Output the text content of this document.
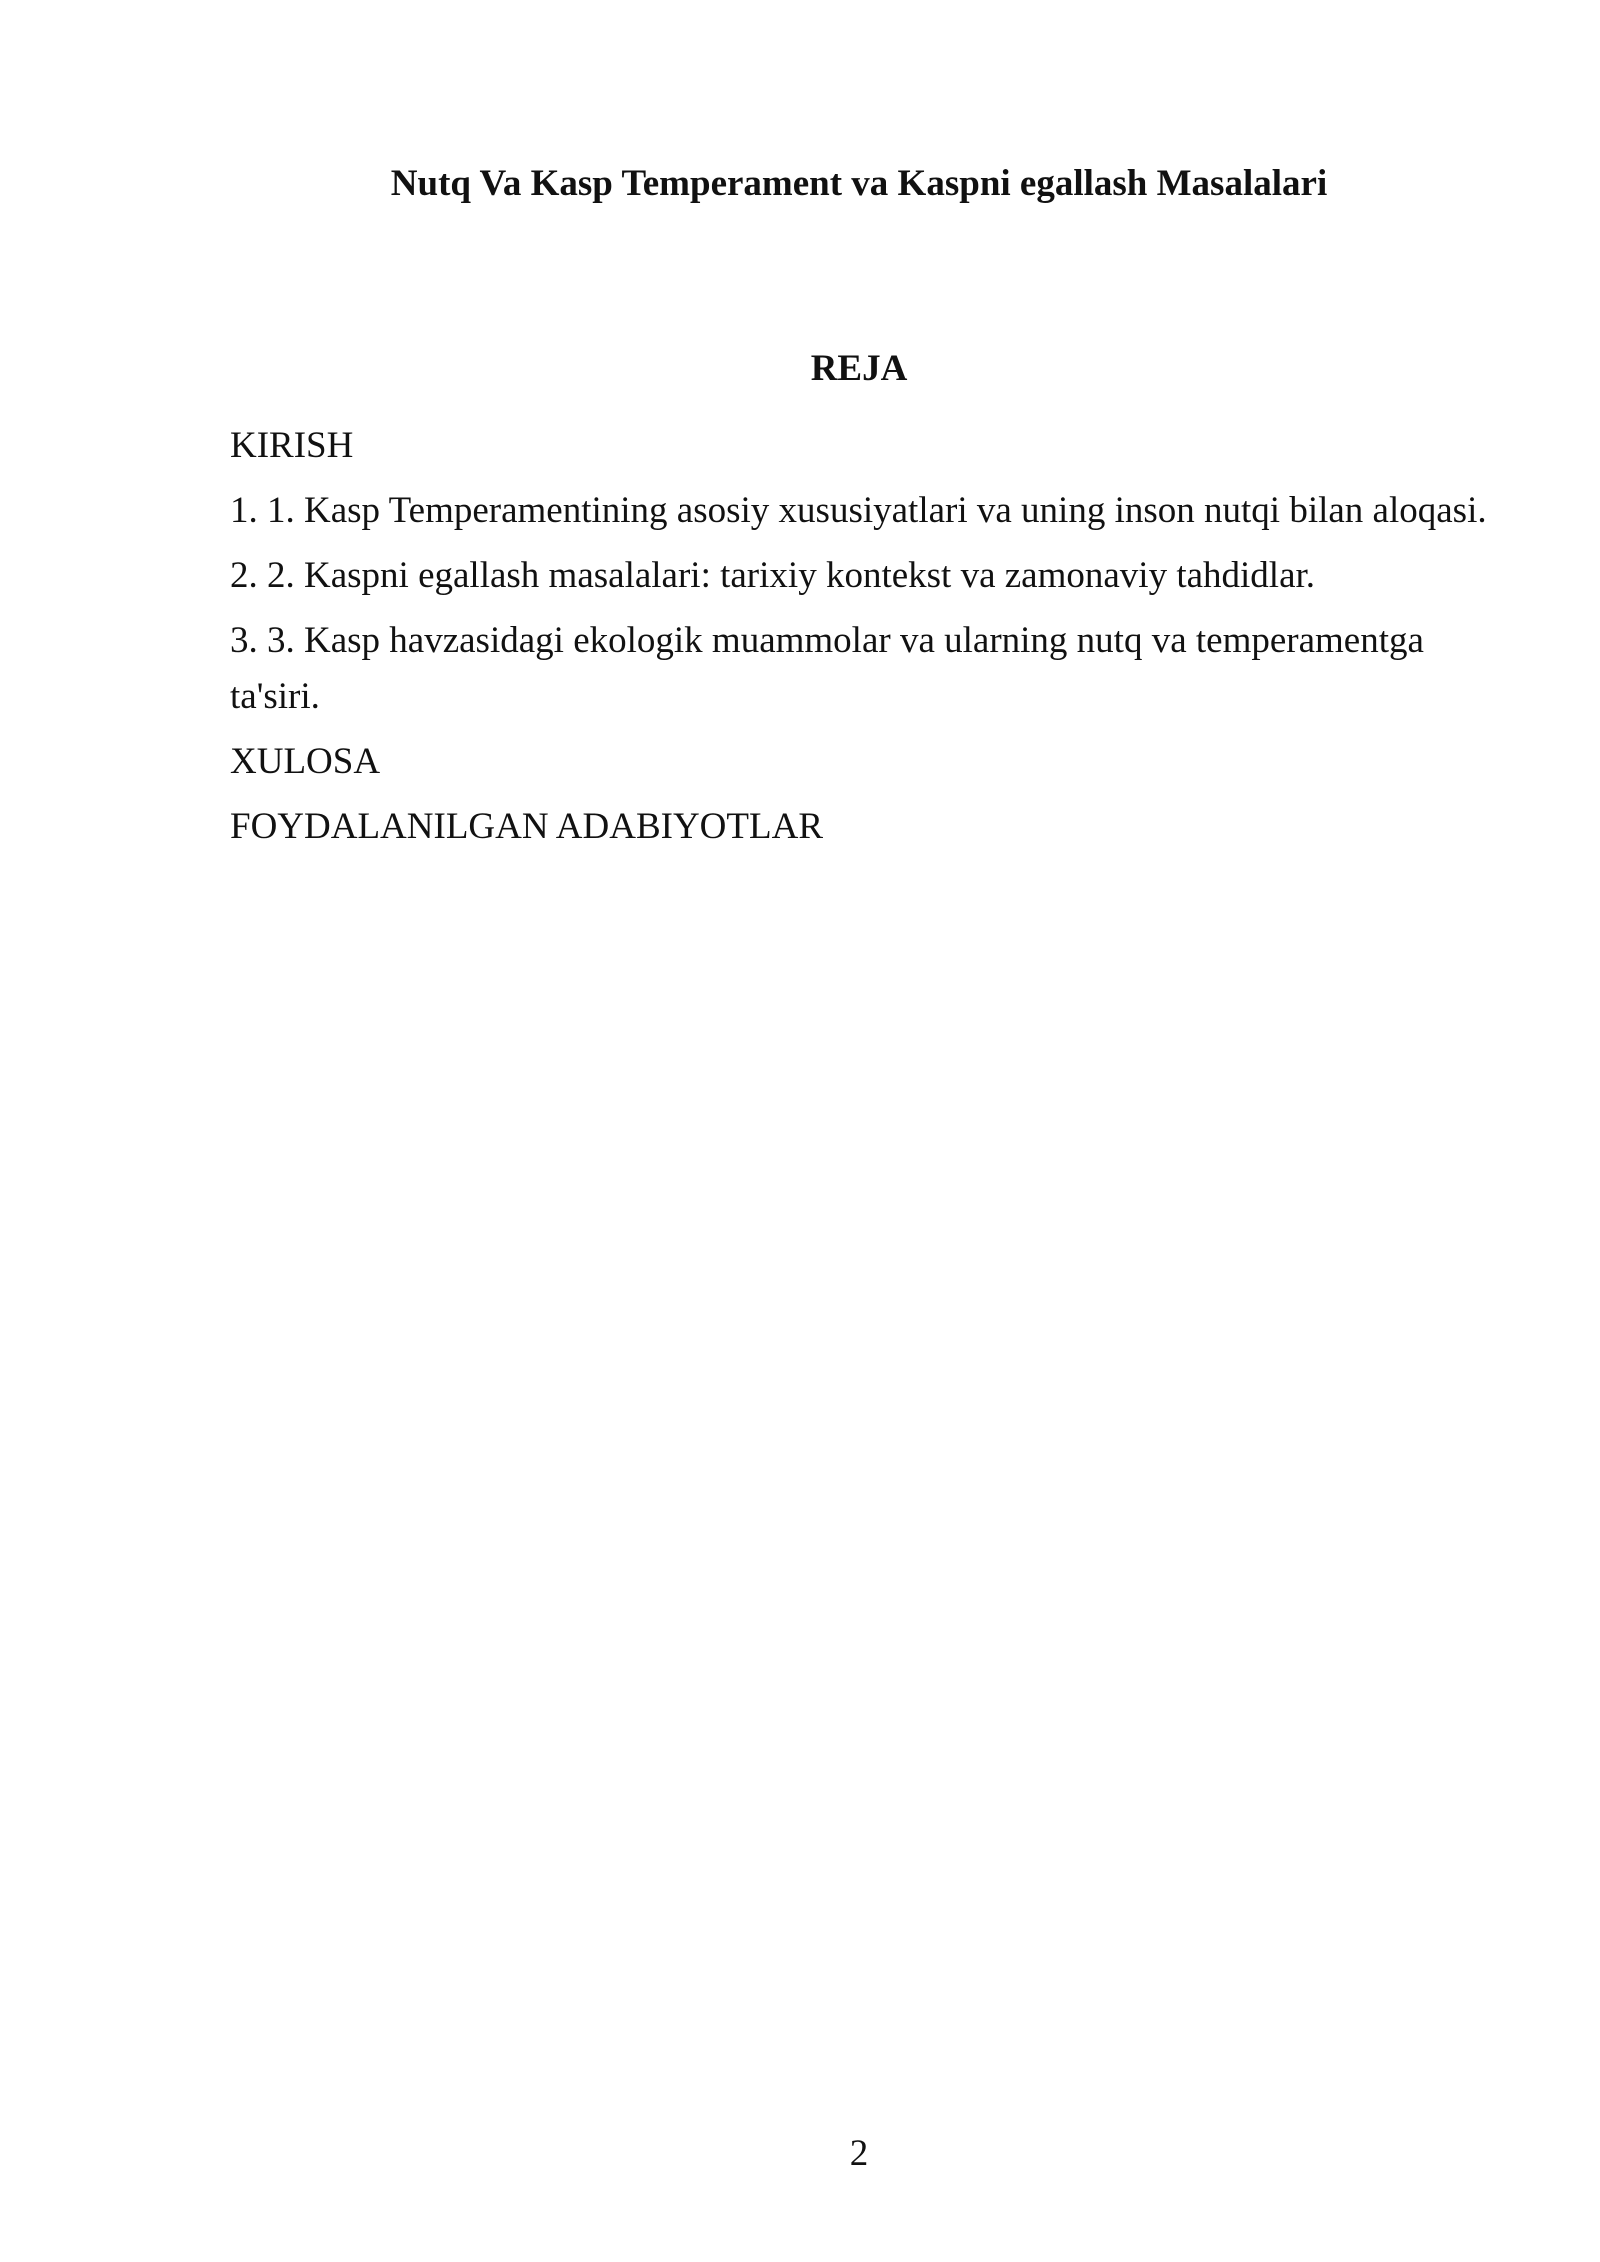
Nutq Va Kasp Temperament va Kaspni egallash Masalalari
REJA
KIRISH
1. 1. Kasp Temperamentining asosiy xususiyatlari va uning inson nutqi bilan aloqasi.
2. 2. Kaspni egallash masalalari: tarixiy kontekst va zamonaviy tahdidlar.
3. 3. Kasp havzasidagi ekologik muammolar va ularning nutq va temperamentga ta'siri.
XULOSA
FOYDALANILGAN ADABIYOTLAR
2
